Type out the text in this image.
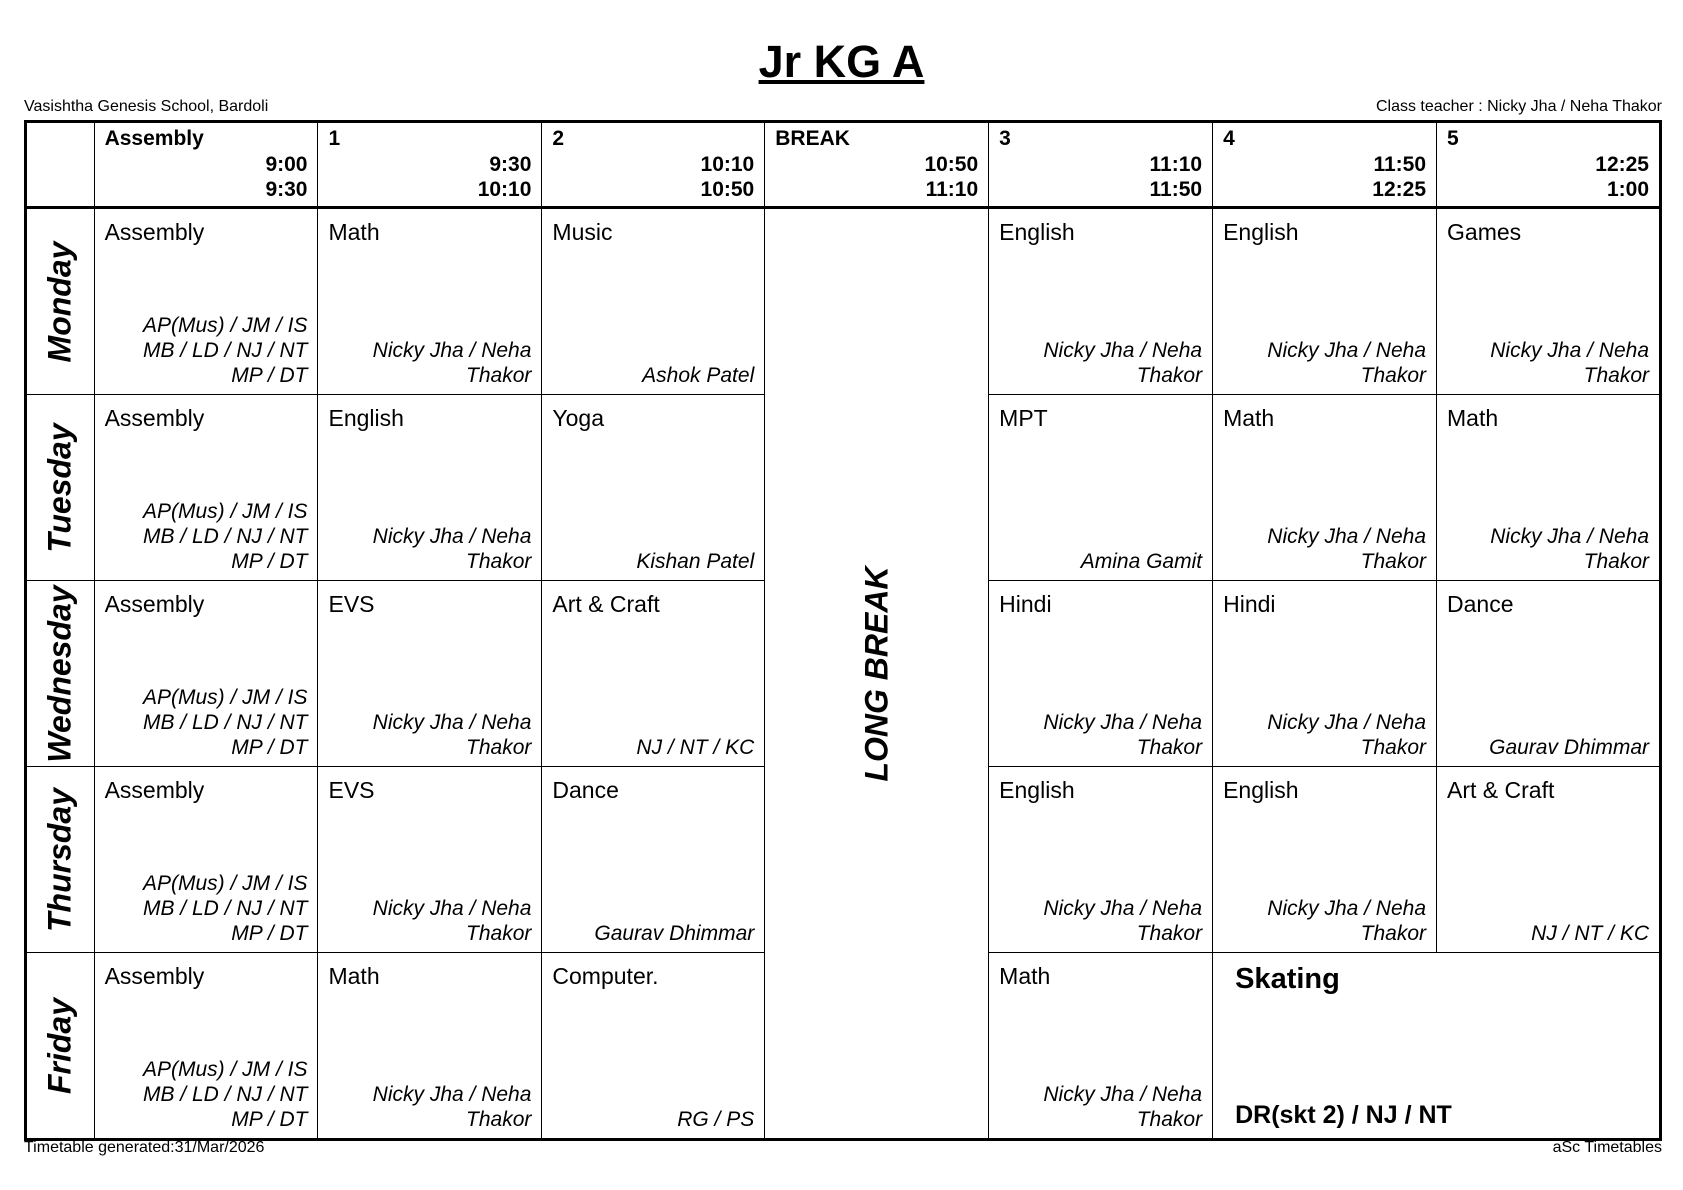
Jr KG A
Vasishtha Genesis School, Bardoli	Class teacher : Nicky Jha / Neha Thakor

	Assembly
9:00
9:30	1
9:30
10:10	2
10:10
10:50	BREAK
10:50
11:10	3
11:10
11:50	4
11:50
12:25	5
12:25
1:00

Monday	Assembly
AP(Mus) / JM / IS
MB / LD / NJ / NT
MP / DT	Math
Nicky Jha / Neha
Thakor	Music
Ashok Patel	LONG BREAK	English
Nicky Jha / Neha
Thakor	English
Nicky Jha / Neha
Thakor	Games
Nicky Jha / Neha
Thakor

Tuesday	Assembly
AP(Mus) / JM / IS
MB / LD / NJ / NT
MP / DT	English
Nicky Jha / Neha
Thakor	Yoga
Kishan Patel		MPT
Amina Gamit	Math
Nicky Jha / Neha
Thakor	Math
Nicky Jha / Neha
Thakor

Wednesday	Assembly
AP(Mus) / JM / IS
MB / LD / NJ / NT
MP / DT	EVS
Nicky Jha / Neha
Thakor	Art & Craft
NJ / NT / KC		Hindi
Nicky Jha / Neha
Thakor	Hindi
Nicky Jha / Neha
Thakor	Dance
Gaurav Dhimmar

Thursday	Assembly
AP(Mus) / JM / IS
MB / LD / NJ / NT
MP / DT	EVS
Nicky Jha / Neha
Thakor	Dance
Gaurav Dhimmar		English
Nicky Jha / Neha
Thakor	English
Nicky Jha / Neha
Thakor	Art & Craft
NJ / NT / KC

Friday	Assembly
AP(Mus) / JM / IS
MB / LD / NJ / NT
MP / DT	Math
Nicky Jha / Neha
Thakor	Computer.
RG / PS		Math
Nicky Jha / Neha
Thakor	Skating
DR(skt 2) / NJ / NT	
Timetable generated:31/Mar/2026	aSc Timetables
